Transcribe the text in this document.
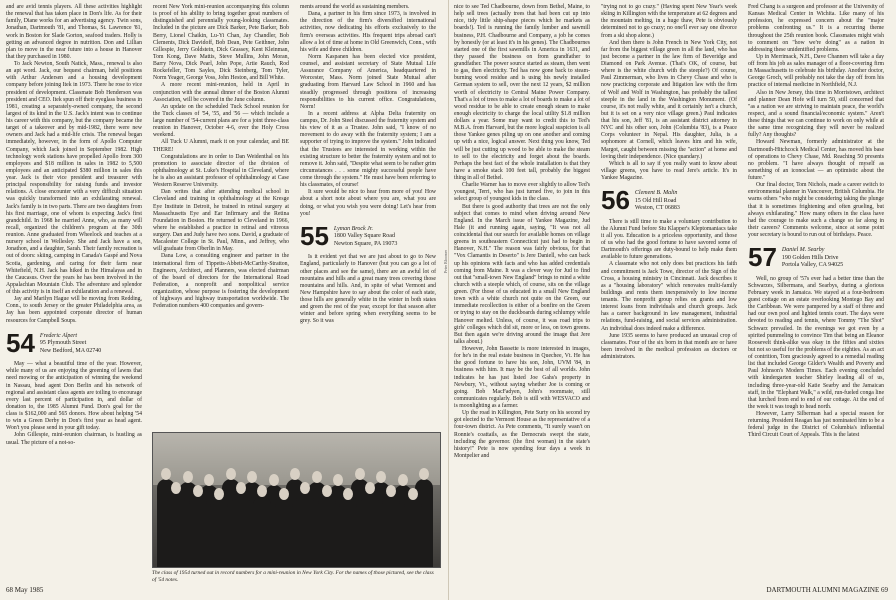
and are avid tennis players. All these activities highlight the renewal that has taken place in Don's life. As for their family, Diane works for an advertising agency. Twin sons, Jonathan, Dartmouth '81, and Thomas, St. Lawrence '81, work in Boston for Slade Gorton, seafood traders. Holly is getting an advanced degree in nutrition. Don and Lillian plan to move in the near future into a house in Hanover that they purchased in 1980.

To Jack Newton, South Natick, Mass., renewal is also an apt word. Jack, our bequest chairman, held positions with Arthur Andersen and a housing development company before joining Itek in 1973. There he rose to vice president of development. Classmate Bob Henderson was president and CEO. Itek spun off their eyeglass business in 1981, creating a separately-owned company, the second largest of its kind in the U.S. Jack's intent was to continue his career with this company, but the company became the target of a takeover and by mid-1982, there were new owners and Jack had a mid-life crisis. The renewal began immediately, however, in the form of Apollo Computer Company, which Jack joined in September 1982. High technology work stations have propelled Apollo from 300 employees and $18 million in sales in 1982 to 5,500 employees and an anticipated $380 million in sales this year. Jack is their vice president and treasurer with principal responsibility for raising funds and investor relations. A close encounter with a very difficult situation was quickly transformed into an exhilarating renewal. Jack's family is in two parts. There are two daughters from his first marriage, one of whom is expecting Jack's first grandchild. In 1968 he married Anne, who, as many will recall, organized the children's program at the 30th reunion. Anne graduated from Wheelock and teaches at a nursery school in Wellesley. She and Jack have a son, Jonathon, and a daughter, Sarah. Their family recreation is out of doors: skiing, camping in Canada's Gaspé and Nova Scotia, gardening, and caring for their farm near Whitefield, N.H. Jack has hiked in the Himalayas and in the Caucasus. Over the years he has been involved in the Appalachian Mountain Club. The adventure and splendor of this activity is in itself an exhilaration and a renewal.

Jay and Marilyn Hague will be moving from Redding, Conn., to south Jersey or the greater Philadelphia area, as Jay has been appointed corporate director of human resources for Campbell Soups.

54 Frederic Alpert
95 Plymouth Street
New Bedford, MA 02740

May — what a beautiful time of the year. However, while many of us are enjoying the greening of lawns that need mowing or the anticipation of winning the weekend in Nassau, head agent Don Berlin and his network of regional and assistant class agents are toiling to encourage every last percent of participation in, and dollar of donation to, the 1985 Alumni Fund. Don's goal for the class is $162,000 and 565 donors. How about helping '54 to win a Green Derby in Don's first year as head agent. Won't you please send in your gift today.

John Gillespie, mini-reunion chairman, is hustling as usual. The picture of a not-so-

recent New York mini-reunion accompanying this column is proof of his ability to bring together great numbers of distinguished and perennially young-looking classmates. Included in the picture are Dick Barker, Pete Barker, Bob Berry, Lionel Chaikin, Lu-Yi Chan, Jay Chandler, Bob Clements, Dick Davidoff, Bob Dean, Pete Geithner, John Gillespie, Jerry Goldstein, Dick Grassey, Kent Kleinman, Tom Kong, Dave Mattis, Steve Mullins, John Moran, Barry Nova, Dick Pearl, John Pope, Artie Rauch, Rod Rockefeller, Tom Sayles, Dick Steinberg, Tom Tyler, Norm Yeager, George Voss, John Heston, and Bill White.

A more recent mini-reunion, held in April in conjunction with the annual dinner of the Boston Alumni Association, will be covered in the June column.

An update on the scheduled Tuck School reunion for the Tuck classes of '54, '55, and '56 — which include a large number of '54-current plans are for a joint three-class reunion in Hanover, October 4-6, over the Holy Cross weekend.

All Tuck U Alumni, mark it on your calendar, and BE THERE!

Congratulations are in order to Dan Weidenthal on his promotion to associate director of the division of ophthalmology at St. Luke's Hospital in Cleveland, where he is also an assistant professor of ophthalmology at Case Western Reserve University.

Dan writes that after attending medical school in Cleveland and training in ophthalmology at the Kresge Eye Institute in Detroit, he trained in retinal surgery at Massachusetts Eye and Ear Infirmary and the Retina Foundation in Boston. He returned to Cleveland in 1966, where he established a practice in retinal and vitreous surgery. Dan and Judy have two sons. David, a graduate of Macalester College in St. Paul, Minn., and Jeffrey, who will graduate from Oberlin in May.

Dana Low, a consulting engineer and partner in the international firm of Tippetts-Abbett-McCarthy-Stratton, Engineers, Architect, and Planners, was elected chairman of the board of directors for the International Road Federation, a nonprofit and nonpolitical service organization, whose purpose is fostering the development of highways and highway transportation worldwide. The Federation numbers 400 companies and govern-

ments around the world as sustaining members.

Dana, a partner in his firm since 1973, is involved in the direction of the firm's diversified international activities, now dedicating his efforts exclusively to the firm's overseas activities. His frequent trips abroad can't allow a lot of time at home in Old Greenwich, Conn., with his wife and three children.

Norm Kaspanen has been elected vice president, counsel, and assistant secretary of State Mutual Life Assurance Company of America, headquartered in Worcester, Mass. Norm joined State Mutual after graduating from Harvard Law School in 1960 and has steadily progressed through positions of increasing responsibilities to his current office. Congratulations, Norm!

In a recent address at Alpha Delta fraternity on campus, Dr. John Steel discussed the fraternity system and his view of it as a Trustee. John said, "I know of no movement to do away with the fraternity system; I am a supporter of trying to improve the system." John indicated that the Trustees are interested in working within the existing structure to better the fraternity system and not to remove it. John said, "Despite what seem to be rather grim circumstances . . . some mighty successful people have come through the system." He must have been referring to his classmates, of course!

It sure would be nice to hear from more of you! How about a short note about where you are, what you are doing, or what you wish you were doing! Let's hear from you!

55 Lyman Brock Jr.
1800 Valley Square Road
Newton Square, PA 19073

Is it evident yet that we are just about to go to New England, particularly to Hanover (but you can go a lot of other places and see the same), there are an awful lot of mountains and hills and a great many trees covering those mountains and hills. And, in spite of what Vermont and New Hampshire have to say about the color of each state, those hills are generally white in the winter in both states and green the rest of the year, except for that season after winter and before spring when everything seems to be grey. So it was

Peter Bloomer
The class of 1954 turned out in record numbers for a mini-reunion in New York City. For the names of those pictured, see the class of '54 notes.
68 May 1985

nice to see Ted Chadbourne, down from Bethel, Maine, to help sell trees (actually trees that had been cut up into nice, tidy little ship-shape pieces which he markets as boards!). Ted is running the family lumber and sawmill business, P.H. Chadbourne and Company, a job he comes by honestly (or at least it's in his genes). The Chadbournes started one of the first sawmills in America in 1631, and they passed the business on from grandfather to grandfather. The power source started as steam, then went to gas, then electricity. Ted has now gone back to steam-burning wood residue and is using his newly installed German system to sell, over the next 12 years, $2 million worth of electricity to Central Maine Power Company. That's a lot of trees to make a lot of boards to make a lot of wood residue to be able to create enough steam to make enough electricity to charge the local utility $1.8 million dollars a year. Some may want to credit this to Ted's M.B.A. from Harvard, but the more logical suspicion is all those Yankee genes piling up on one another and coming up with a nice, logical answer. Next thing you know, Ted will be just cutting up wood to be able to make the steam to sell to the electricity and forget about the boards. Perhaps the best fact of the whole installation is that they have a smoke stack 100 feet tall, probably the biggest thing in all of Bethel.

Charlie Warner has to move ever slightly to allow Ted's youngest, Terri, who has just turned five, to join in this select group of youngest kids in the class.

But there is good authority that trees are not the only subject that comes to mind when driving around New England. In the March issue of Yankee Magazine, Jud Hale (it and running again, saying, "It was not all coincidental that our search for available homes on village greens in southeastern Connecticut just had to begin in Hanover, N.H." The reason was fairly obvious, for that "Vox Clamantis in Deserto" is Jere Daniell, who can back up his opinions with facts and who has added credentials coming from Maine. It was a clever way for Jud to find out that "small-town New England" brings to mind a white church with a steeple which, of course, sits on the village green. (For those of us educated in a small New England town with a white church not quite on the Green, our immediate recollection is either of a bonfire on the Green or trying to stay on the duckboards during schlumpy while Hanover melted. Unless, of course, it was road trips to girls' colleges which did sit, more or less, on town greens. But then again we're driving around the image that Jere talks about.)

However, John Bassette is more interested in images, for he's in the real estate business in Quechee, Vt. He has the good fortune to have his son, John, UVM '84, in business with him. It may be the best of all worlds. John indicates he has just listed Joe Gahs's property in Newbury, Vt., without saying whether Joe is coming or going. Bob MacFadyen, John's roommate, still communicates regularly. Bob is still with WESVACO and is moonlighting as a farmer.

Up the road in Killington, Pete Surty on his second try got elected to the Vermont House as the representative of a four-town district. As Pete comments, "It surely wasn't on Ronnie's coattails, as the Democrats swept the state, including the governor. (the first woman) in the state's history!" Pete is now spending four days a week in Montpelier and

"trying not to go crazy." (Having spent New Year's week skiing in Killington with the temperature at 62 degrees and the mountain melting, in a huge thaw, Pete is obviously determined not to go crazy; no one'll ever say one divorce from a ski shop alone.)

And then there is John French in New York City, not far from the biggest village green in all the land, who has just become a partner in the law firm of Beveridge and Diamond on Park Avenue. (That's OK, of course, but where is the white church with the steeple?) Of course, Paul Zimmerman, who lives in Chevy Chase and who is now practicing corporate and litigation law with the firm of Wolf and Wolf in Washington, has probably the tallest steeple in the land in the Washington Monument. (Of course, it's not really white, and it certainly isn't a church, but it is set on a very nice village green.) Paul indicates that his son, Jeff '81, is an assistant district attorney in NYC and his other son, John (Columbia '83), is a Peace Corps volunteer in Nepal. His daughter, Julia, is a sophomore at Cornell, which leaves him and his wife, Margot, caught between missing the "action" at home and loving their independence. (Nice quandary.)

Which is all to say if you really want to know about village greens, you have to read Jere's article. It's in Yankee Magazine.

56 Clement B. Malin
15 Old Hill Road
Weston, CT 06883

There is still time to make a voluntary contribution to the Alumni Fund before Stu Klapper's Kleptomaniacs take it all you. Education is a priceless opportunity, and those of us who had the good fortune to have savored some of Dartmouth's offerings are duty-bound to help make them available to future generations.

A classmate who not only does but practices his faith and commitment is Jack Towe, director of the Sign of the Cross, a housing ministry in Cincinnati. Jack describes it as a "housing laboratory" which renovates multi-family buildings and rents them inexpensively to low income tenants. The nonprofit group relies on grants and low interest loans from individuals and church groups. Jack has a career background in law management, industrial relations, fund-raising, and social services administration. An individual does indeed make a difference.

June 1935 seems to have produced an unusual crop of classmates. Four of the six born in that month are or have been involved in the medical profession as doctors or administrators.

Fred Chang is a surgeon and professor at the University of Kansas Medical Center in Wichita. Like many of his profession, he expressed concern about the "major problems confronting us." It is a recurring theme throughout the 25th reunion book. Classmates might wish to comment on "how we're doing" as a nation in addressing these unidentified problems.

Up in Merrimack, N.H., Dave Channen will take a day off from his job as sales manager of a floor-covering firm in Massachusetts to celebrate his birthday. Another doctor, George Groch, will probably not take the day off from his practice of internal medicine in Northfield, N.J.

Also in New Jersey, this time in Morristown, architect and planner Dean Hofe will turn 50, still concerned that "as a nation we are striving to maintain peace, the world's respect, and a sound financial/economic system." Aren't these things that we can continue to work on only while at the same time recognizing they will never be realized fully? Any thoughts?

Howard Newman, formerly administrator at the Dartmouth-Hitchcock Medical Center, has moved his base of operations to Chevy Chase, Md. Reaching 50 presents no problem. "I have always thought of myself as something of an iconoclast — an optimistic about the future."

Our final doctor, Tom Nichols, made a career switch to environmental planner in Vancouver, British Columbia. He warns others "who might be considering taking the plunge that it is sometimes frightening and often grueling, but always exhilarating." How many others in the class have had the courage to make such a change so far along in their careers? Comments welcome, since at some point your secretary is bound to run out of birthdays. Peace.

57 Daniel M. Searby
190 Golden Hills Drive
Portola Valley, CA 94025

Well, no group of '57s ever had a better time than the Schwarzes, Silbermans, and Searbys, during a glorious February week in Jamaica. We stayed at a four-bedroom guest cottage on an estate overlooking Montego Bay and the Caribbean. We were pampered by a staff of three and had our own pool and lighted tennis court. The days were devoted to reading and tennis, where Tommy "The Shot" Schwarz prevailed. In the evenings we got even by a spirited pummeling to convince Tim that being an Eleanor Roosevelt think-alike was okay in the fifties and sixties but not so useful for the problems of the eighties. As an act of contrition, Tom graciously agreed to a remedial reading list that included George Gilder's Wealth and Poverty and Paul Johnson's Modern Times. Each evening concluded with kindergarten teacher Shirley leading all of us, including three-year-old Katie Searby and the Jamaican staff, in the "Elephant Walk," a wild, run-fueled conga line that lurched from end to end of our cottage. At the end of the week it was tough to head north.

However, Larry Silberman had a special reason for returning. President Reagan has just nominated him to be a federal judge in the District of Columbia's influential Third Circuit Court of Appeals. This is the latest

DARTMOUTH ALUMNI MAGAZINE 69
